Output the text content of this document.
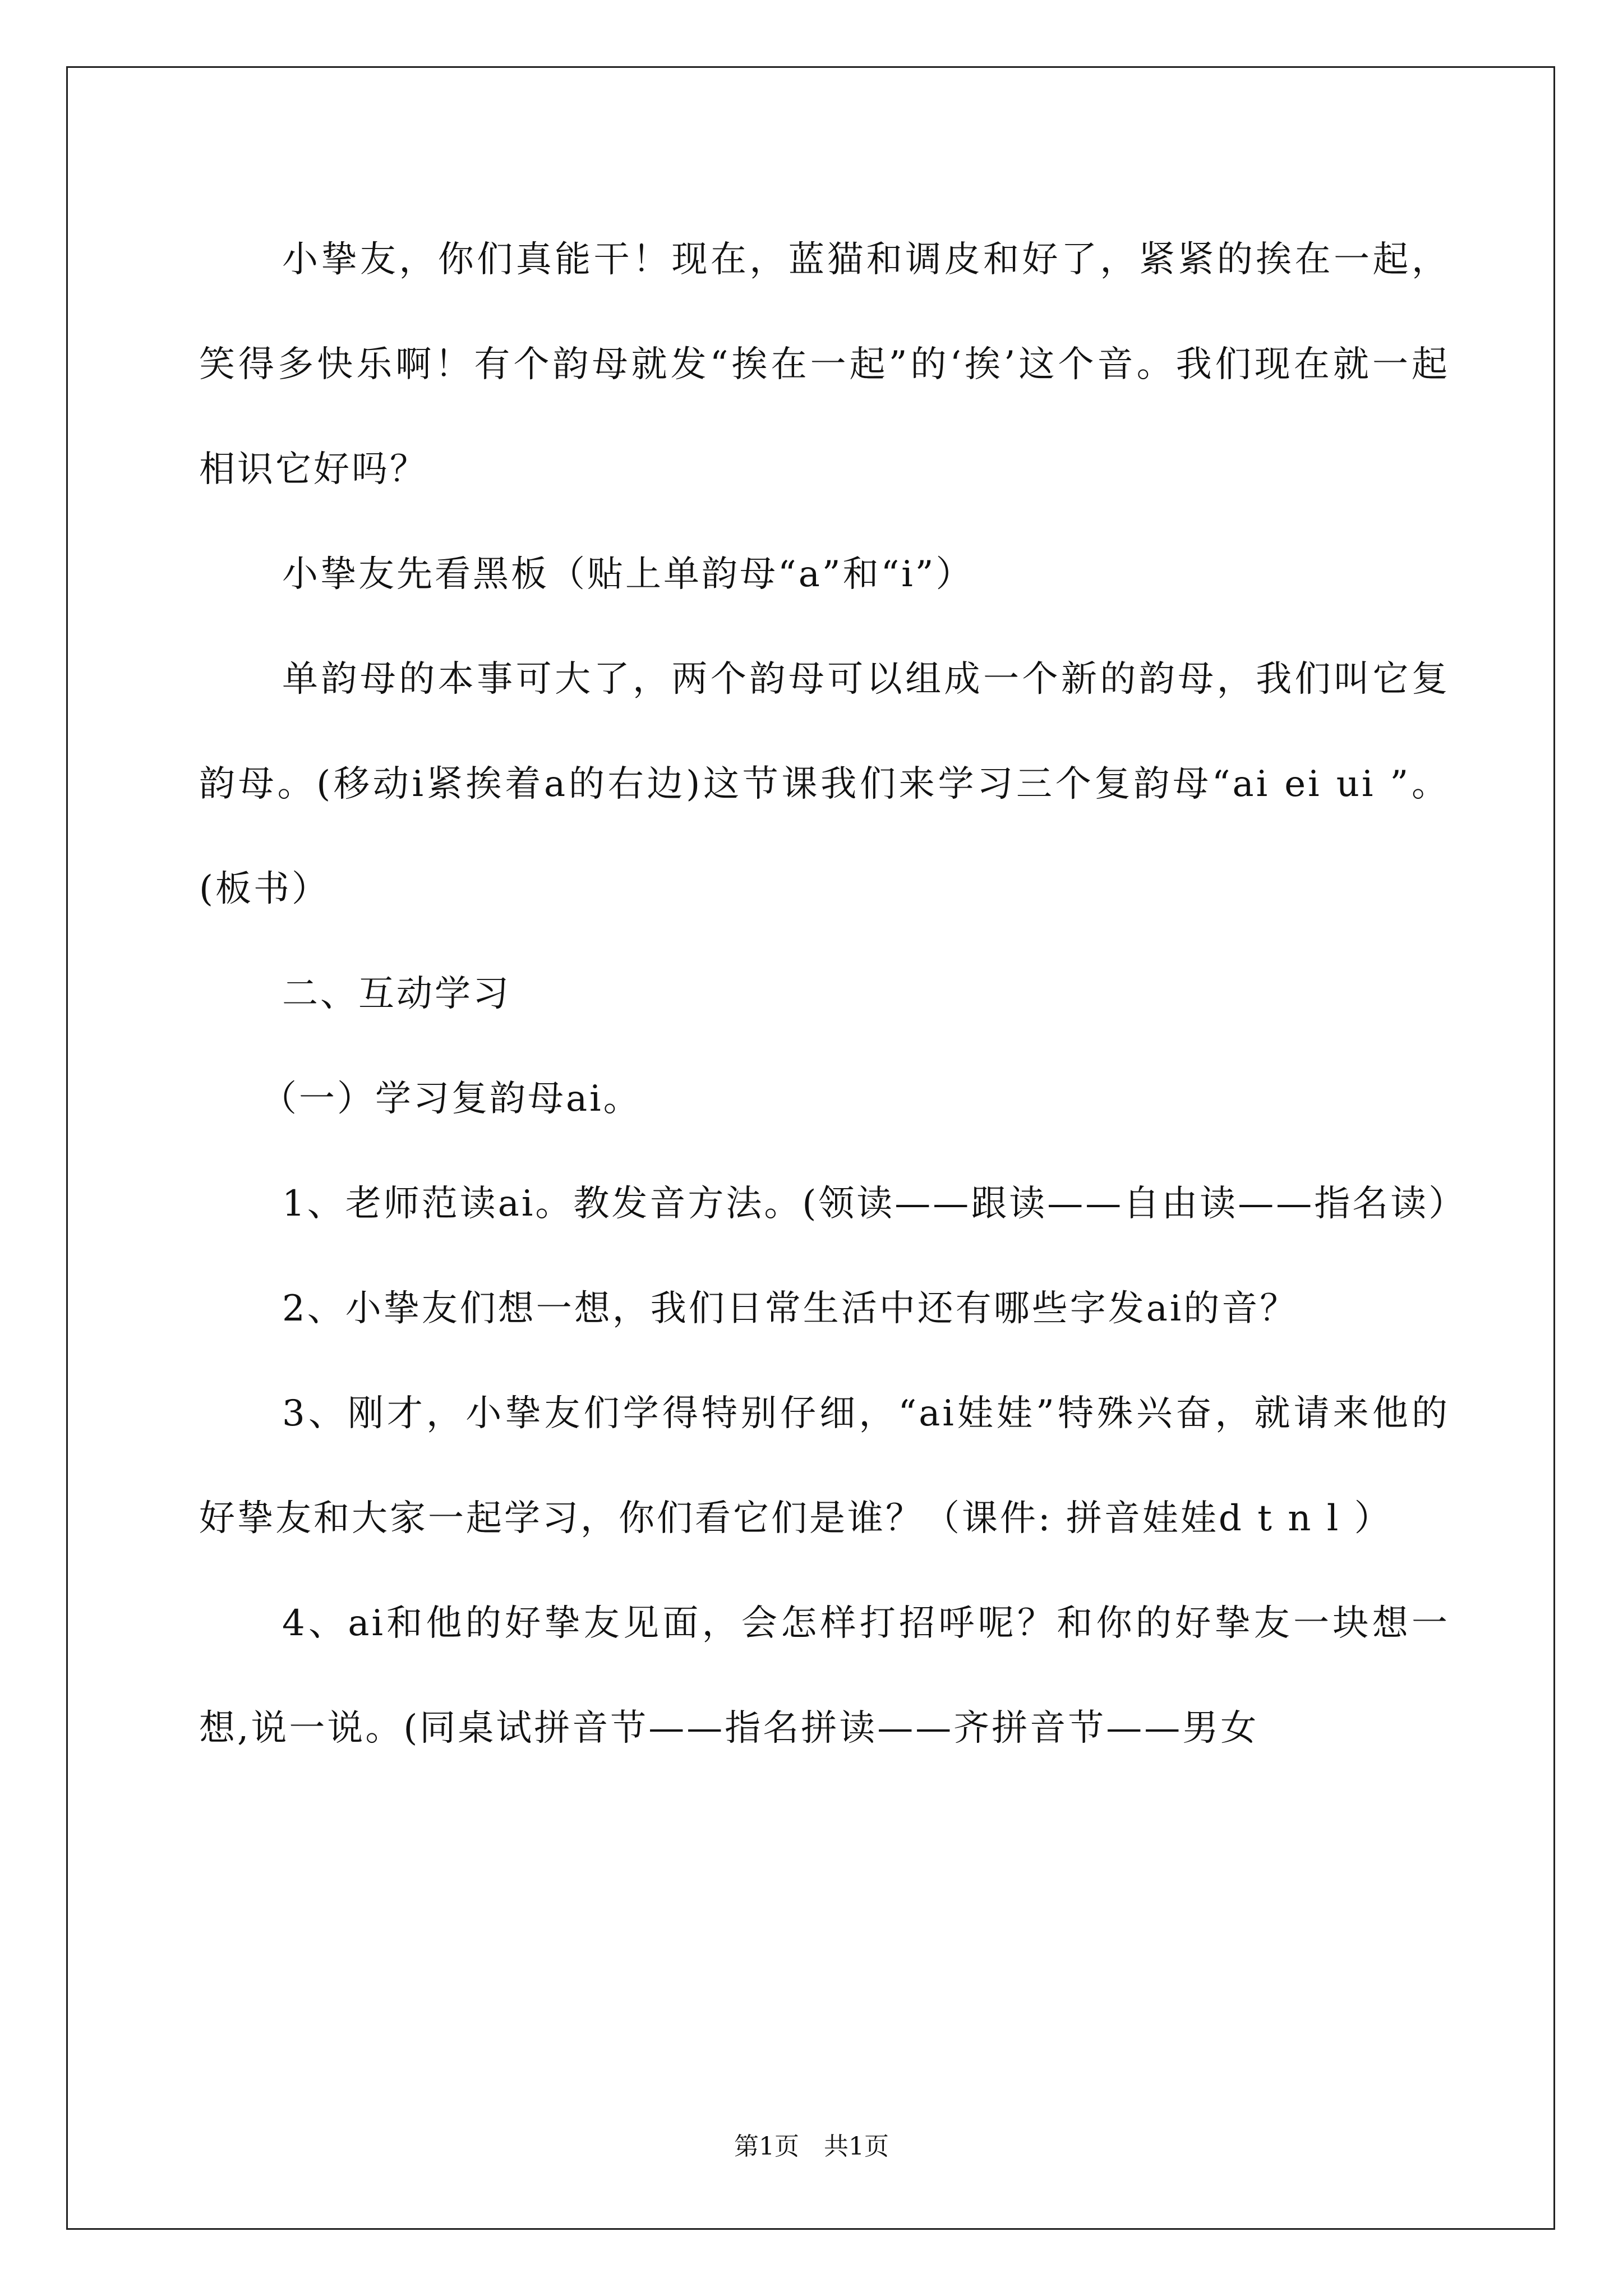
小挚友，你们真能干！现在，蓝猫和调皮和好了，紧紧的挨在一起，笑得多快乐啊！有个韵母就发“挨在一起”的‘挨’这个音。我们现在就一起相识它好吗？

小挚友先看黑板（贴上单韵母“a”和“i”）

单韵母的本事可大了，两个韵母可以组成一个新的韵母，我们叫它复韵母。(移动i紧挨着a的右边)这节课我们来学习三个复韵母“ai ei ui ”。(板书）

二、互动学习

（一）学习复韵母ai。

1、老师范读ai。教发音方法。(领读——跟读——自由读——指名读）

2、小挚友们想一想，我们日常生活中还有哪些字发ai的音？

3、刚才，小挚友们学得特别仔细，“ai娃娃”特殊兴奋，就请来他的好挚友和大家一起学习，你们看它们是谁？（课件: 拼音娃娃d t n l ）

4、ai和他的好挚友见面，会怎样打招呼呢？和你的好挚友一块想一想,说一说。(同桌试拼音节——指名拼读——齐拼音节——男女

第1页　共1页
